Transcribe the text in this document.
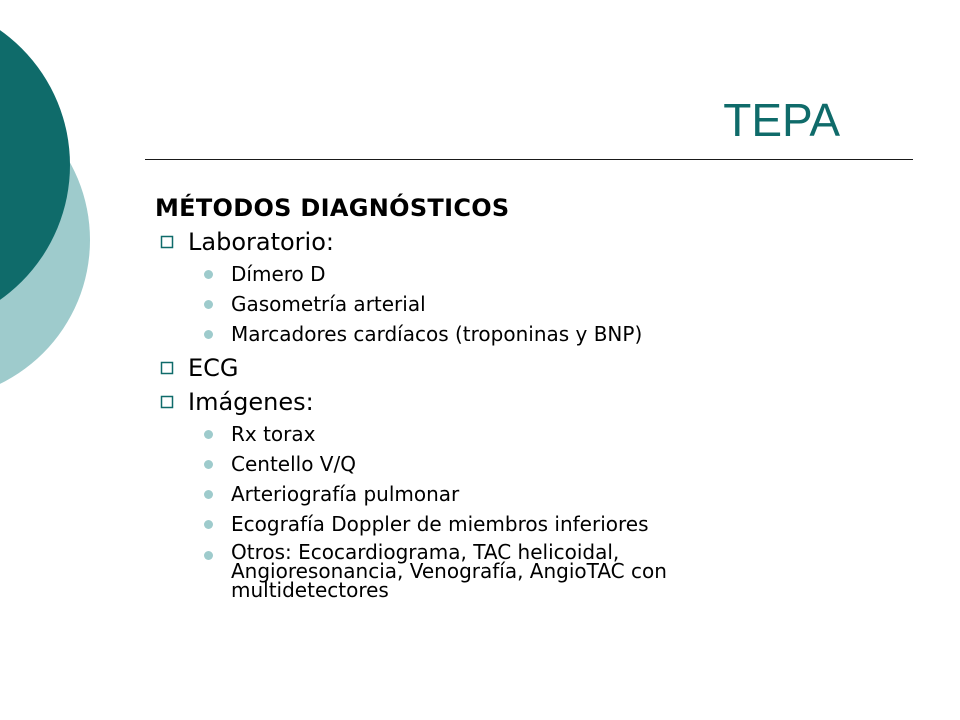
TEPA
MÉTODOS DIAGNÓSTICOS
Laboratorio:
Dímero D
Gasometría arterial
Marcadores cardíacos (troponinas y BNP)
ECG
Imágenes:
Rx torax
Centello V/Q
Arteriografía pulmonar
Ecografía Doppler de miembros inferiores
Otros: Ecocardiograma, TAC helicoidal, Angioresonancia, Venografía, AngioTAC con multidetectores
